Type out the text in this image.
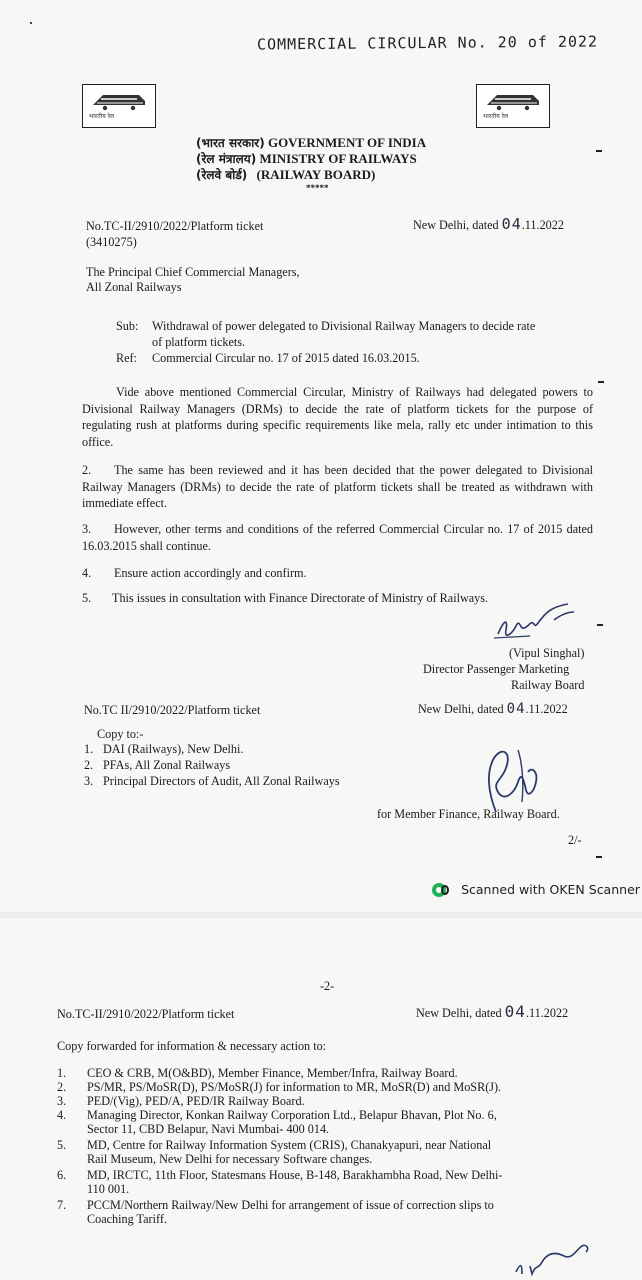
COMMERCIAL CIRCULAR No. 20 of 2022
भारतीय रेल	भारतीय रेल
(भारत सरकार) GOVERNMENT OF INDIA
(रेल मंत्रालय) MINISTRY OF RAILWAYS
(रेलवे बोर्ड) (RAILWAY BOARD)
*****
No.TC-II/2910/2022/Platform ticket
(3410275)
New Delhi, dated 04.11.2022
The Principal Chief Commercial Managers,
All Zonal Railways
Sub: Withdrawal of power delegated to Divisional Railway Managers to decide rate
of platform tickets.
Ref: Commercial Circular no. 17 of 2015 dated 16.03.2015.
Vide above mentioned Commercial Circular, Ministry of Railways had delegated powers to Divisional Railway Managers (DRMs) to decide the rate of platform tickets for the purpose of regulating rush at platforms during specific requirements like mela, rally etc under intimation to this office.
2. The same has been reviewed and it has been decided that the power delegated to Divisional Railway Managers (DRMs) to decide the rate of platform tickets shall be treated as withdrawn with immediate effect.
3. However, other terms and conditions of the referred Commercial Circular no. 17 of 2015 dated 16.03.2015 shall continue.
4. Ensure action accordingly and confirm.
5. This issues in consultation with Finance Directorate of Ministry of Railways.
(Vipul Singhal)
Director Passenger Marketing
Railway Board
No.TC II/2910/2022/Platform ticket	New Delhi, dated 04.11.2022
Copy to:-
1. DAI (Railways), New Delhi.
2. PFAs, All Zonal Railways
3. Principal Directors of Audit, All Zonal Railways
for Member Finance, Railway Board.
2/-
Scanned with OKEN Scanner
-2-
No.TC-II/2910/2022/Platform ticket	New Delhi, dated 04.11.2022
Copy forwarded for information & necessary action to:
1. CEO & CRB, M(O&BD), Member Finance, Member/Infra, Railway Board.
2. PS/MR, PS/MoSR(D), PS/MoSR(J) for information to MR, MoSR(D) and MoSR(J).
3. PED/(Vig), PED/A, PED/IR Railway Board.
4. Managing Director, Konkan Railway Corporation Ltd., Belapur Bhavan, Plot No. 6,
Sector 11, CBD Belapur, Navi Mumbai- 400 014.
5. MD, Centre for Railway Information System (CRIS), Chanakyapuri, near National
Rail Museum, New Delhi for necessary Software changes.
6. MD, IRCTC, 11th Floor, Statesmans House, B-148, Barakhambha Road, New Delhi-
110 001.
7. PCCM/Northern Railway/New Delhi for arrangement of issue of correction slips to
Coaching Tariff.
